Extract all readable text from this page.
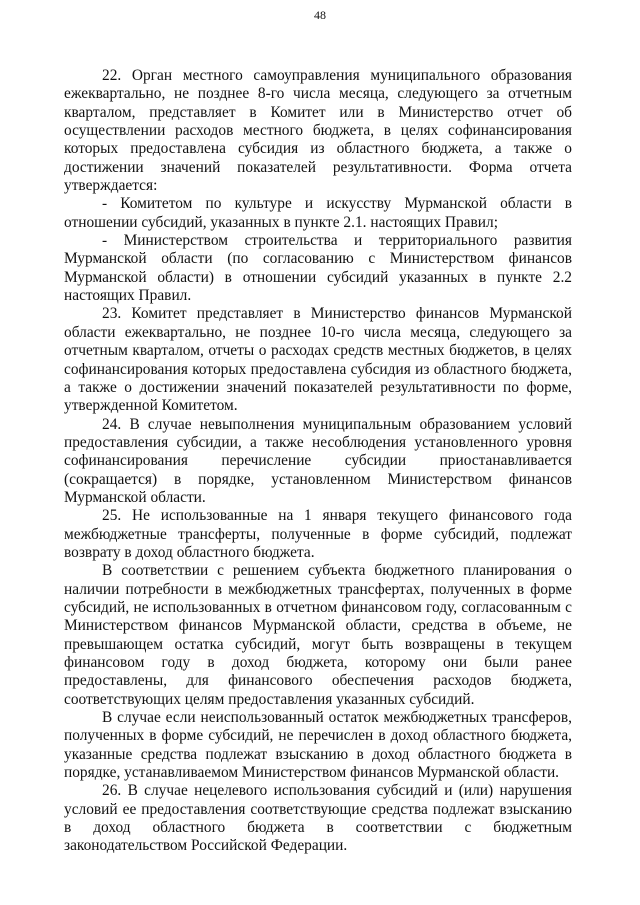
48

22. Орган местного самоуправления муниципального образования ежеквартально, не позднее 8-го числа месяца, следующего за отчетным кварталом, представляет в Комитет или в Министерство отчет об осуществлении расходов местного бюджета, в целях софинансирования которых предоставлена субсидия из областного бюджета, а также о достижении значений показателей результативности. Форма отчета утверждается:

- Комитетом по культуре и искусству Мурманской области в отношении субсидий, указанных в пункте 2.1. настоящих Правил;

- Министерством строительства и территориального развития Мурманской области (по согласованию с Министерством финансов Мурманской области) в отношении субсидий указанных в пункте 2.2 настоящих Правил.

23. Комитет представляет в Министерство финансов Мурманской области ежеквартально, не позднее 10-го числа месяца, следующего за отчетным кварталом, отчеты о расходах средств местных бюджетов, в целях софинансирования которых предоставлена субсидия из областного бюджета, а также о достижении значений показателей результативности по форме, утвержденной Комитетом.

24. В случае невыполнения муниципальным образованием условий предоставления субсидии, а также несоблюдения установленного уровня софинансирования перечисление субсидии приостанавливается (сокращается) в порядке, установленном Министерством финансов Мурманской области.

25. Не использованные на 1 января текущего финансового года межбюджетные трансферты, полученные в форме субсидий, подлежат возврату в доход областного бюджета.

В соответствии с решением субъекта бюджетного планирования о наличии потребности в межбюджетных трансфертах, полученных в форме субсидий, не использованных в отчетном финансовом году, согласованным с Министерством финансов Мурманской области, средства в объеме, не превышающем остатка субсидий, могут быть возвращены в текущем финансовом году в доход бюджета, которому они были ранее предоставлены, для финансового обеспечения расходов бюджета, соответствующих целям предоставления указанных субсидий.

В случае если неиспользованный остаток межбюджетных трансферов, полученных в форме субсидий, не перечислен в доход областного бюджета, указанные средства подлежат взысканию в доход областного бюджета в порядке, устанавливаемом Министерством финансов Мурманской области.

26. В случае нецелевого использования субсидий и (или) нарушения условий ее предоставления соответствующие средства подлежат взысканию в доход областного бюджета в соответствии с бюджетным законодательством Российской Федерации.
